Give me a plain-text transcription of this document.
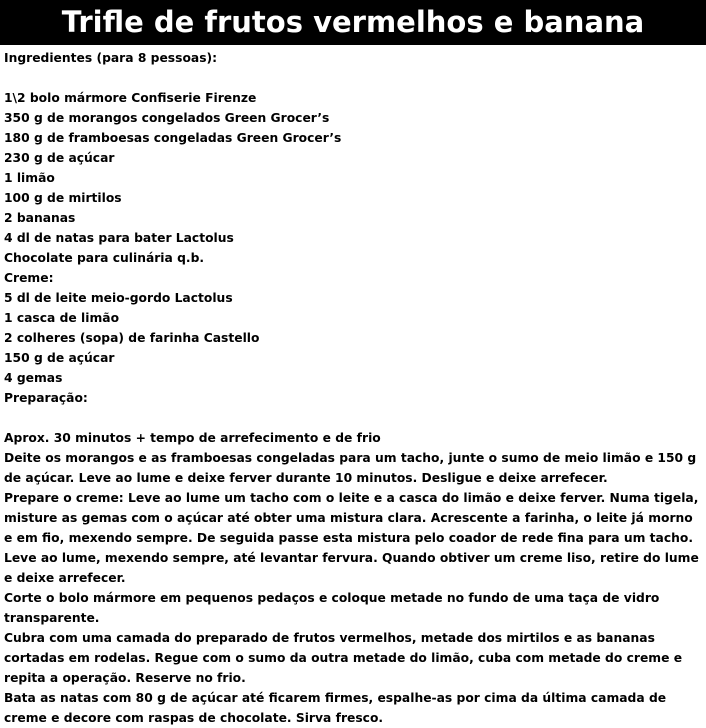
Trifle de frutos vermelhos e banana
Ingredientes (para 8 pessoas):
1\2 bolo mármore Confiserie Firenze
350 g de morangos congelados Green Grocer’s
180 g de framboesas congeladas Green Grocer’s
230 g de açúcar
1 limão
100 g de mirtilos
2 bananas
4 dl de natas para bater Lactolus
Chocolate para culinária q.b.
Creme:
5 dl de leite meio-gordo Lactolus
1 casca de limão
2 colheres (sopa) de farinha Castello
150 g de açúcar
4 gemas
Preparação:
Aprox. 30 minutos + tempo de arrefecimento e de frio

Deite os morangos e as framboesas congeladas para um tacho, junte o sumo de meio limão e 150 g de açúcar. Leve ao lume e deixe ferver durante 10 minutos. Desligue e deixe arrefecer.

Prepare o creme: Leve ao lume um tacho com o leite e a casca do limão e deixe ferver. Numa tigela, misture as gemas com o açúcar até obter uma mistura clara. Acrescente a farinha, o leite já morno e em fio, mexendo sempre. De seguida passe esta mistura pelo coador de rede fina para um tacho. Leve ao lume, mexendo sempre, até levantar fervura. Quando obtiver um creme liso, retire do lume e deixe arrefecer.

Corte o bolo mármore em pequenos pedaços e coloque metade no fundo de uma taça de vidro transparente.

Cubra com uma camada do preparado de frutos vermelhos, metade dos mirtilos e as bananas cortadas em rodelas. Regue com o sumo da outra metade do limão, cuba com metade do creme e repita a operação. Reserve no frio.

Bata as natas com 80 g de açúcar até ficarem firmes, espalhe-as por cima da última camada de creme e decore com raspas de chocolate. Sirva fresco.
